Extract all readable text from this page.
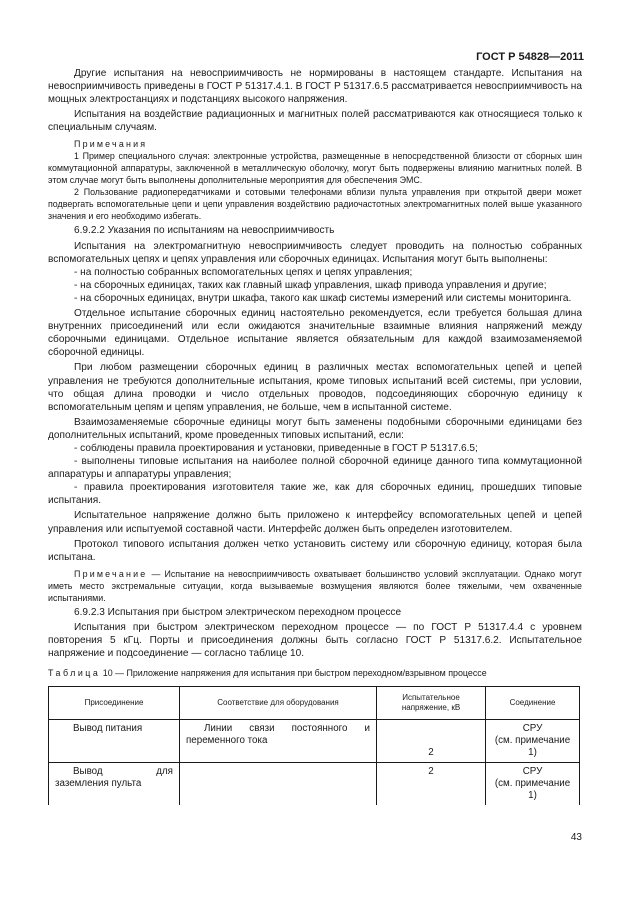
ГОСТ Р 54828—2011

Другие испытания на невосприимчивость не нормированы в настоящем стандарте. Испытания на невосприимчивость приведены в ГОСТ Р 51317.4.1. В ГОСТ Р 51317.6.5 рассматривается невосприимчивость на мощных электростанциях и подстанциях высокого напряжения.

Испытания на воздействие радиационных и магнитных полей рассматриваются как относящиеся только к специальным случаям.

Примечания

1 Пример специального случая: электронные устройства, размещенные в непосредственной близости от сборных шин коммутационной аппаратуры, заключенной в металлическую оболочку, могут быть подвержены влиянию магнитных полей. В этом случае могут быть выполнены дополнительные мероприятия для обеспечения ЭМС.

2 Пользование радиопередатчиками и сотовыми телефонами вблизи пульта управления при открытой двери может подвергать вспомогательные цепи и цепи управления воздействию радиочастотных электромагнитных полей выше указанного значения и его необходимо избегать.

6.9.2.2 Указания по испытаниям на невосприимчивость

Испытания на электромагнитную невосприимчивость следует проводить на полностью собранных вспомогательных цепях и цепях управления или сборочных единицах. Испытания могут быть выполнены:

- на полностью собранных вспомогательных цепях и цепях управления;

- на сборочных единицах, таких как главный шкаф управления, шкаф привода управления и другие;

- на сборочных единицах, внутри шкафа, такого как шкаф системы измерений или системы мониторинга.

Отдельное испытание сборочных единиц настоятельно рекомендуется, если требуется большая длина внутренних присоединений или если ожидаются значительные взаимные влияния напряжений между сборочными единицами. Отдельное испытание является обязательным для каждой взаимозаменяемой сборочной единицы.

При любом размещении сборочных единиц в различных местах вспомогательных цепей и цепей управления не требуются дополнительные испытания, кроме типовых испытаний всей системы, при условии, что общая длина проводки и число отдельных проводов, подсоединяющих сборочную единицу к вспомогательным цепям и цепям управления, не больше, чем в испытанной системе.

Взаимозаменяемые сборочные единицы могут быть заменены подобными сборочными единицами без дополнительных испытаний, кроме проведенных типовых испытаний, если:

- соблюдены правила проектирования и установки, приведенные в ГОСТ Р 51317.6.5;

- выполнены типовые испытания на наиболее полной сборочной единице данного типа коммутационной аппаратуры и аппаратуры управления;

- правила проектирования изготовителя такие же, как для сборочных единиц, прошедших типовые испытания.

Испытательное напряжение должно быть приложено к интерфейсу вспомогательных цепей и цепей управления или испытуемой составной части. Интерфейс должен быть определен изготовителем.

Протокол типового испытания должен четко установить систему или сборочную единицу, которая была испытана.

Примечание — Испытание на невосприимчивость охватывает большинство условий эксплуатации. Однако могут иметь место экстремальные ситуации, когда вызываемые возмущения являются более тяжелыми, чем охваченные испытаниями.

6.9.2.3 Испытания при быстром электрическом переходном процессе

Испытания при быстром электрическом переходном процессе — по ГОСТ Р 51317.4.4 с уровнем повторения 5 кГц. Порты и присоединения должны быть согласно ГОСТ Р 51317.6.2. Испытательное напряжение и подсоединение — согласно таблице 10.

Таблица 10 — Приложение напряжения для испытания при быстром переходном/взрывном процессе
Присоединение	Соответствие для оборудования	Испытательное напряжение, кВ	Соединение
Вывод питания	Линии связи постоянного и переменного тока	2	СРУ
(см. примечание 1)

Вывод для заземления пульта		2	СРУ
(см. примечание 1)
43
